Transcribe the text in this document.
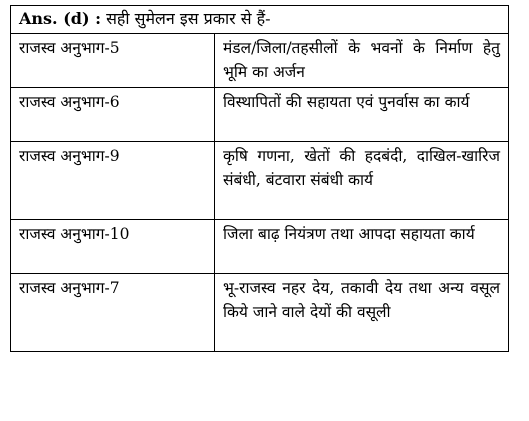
Ans. (d) : सही सुमेलन इस प्रकार से हैं-	
राजस्व अनुभाग-5	मंडल/जिला/तहसीलों के भवनों के निर्माण हेतु भूमि का अर्जन
राजस्व अनुभाग-6	विस्थापितों की सहायता एवं पुनर्वास का कार्य
राजस्व अनुभाग-9	कृषि गणना, खेतों की हदबंदी, दाखिल-खारिज संबंधी, बंटवारा संबंधी कार्य
राजस्व अनुभाग-10	जिला बाढ़ नियंत्रण तथा आपदा सहायता कार्य
राजस्व अनुभाग-7	भू-राजस्व नहर देय, तकावी देय तथा अन्य वसूल किये जाने वाले देयों की वसूली
